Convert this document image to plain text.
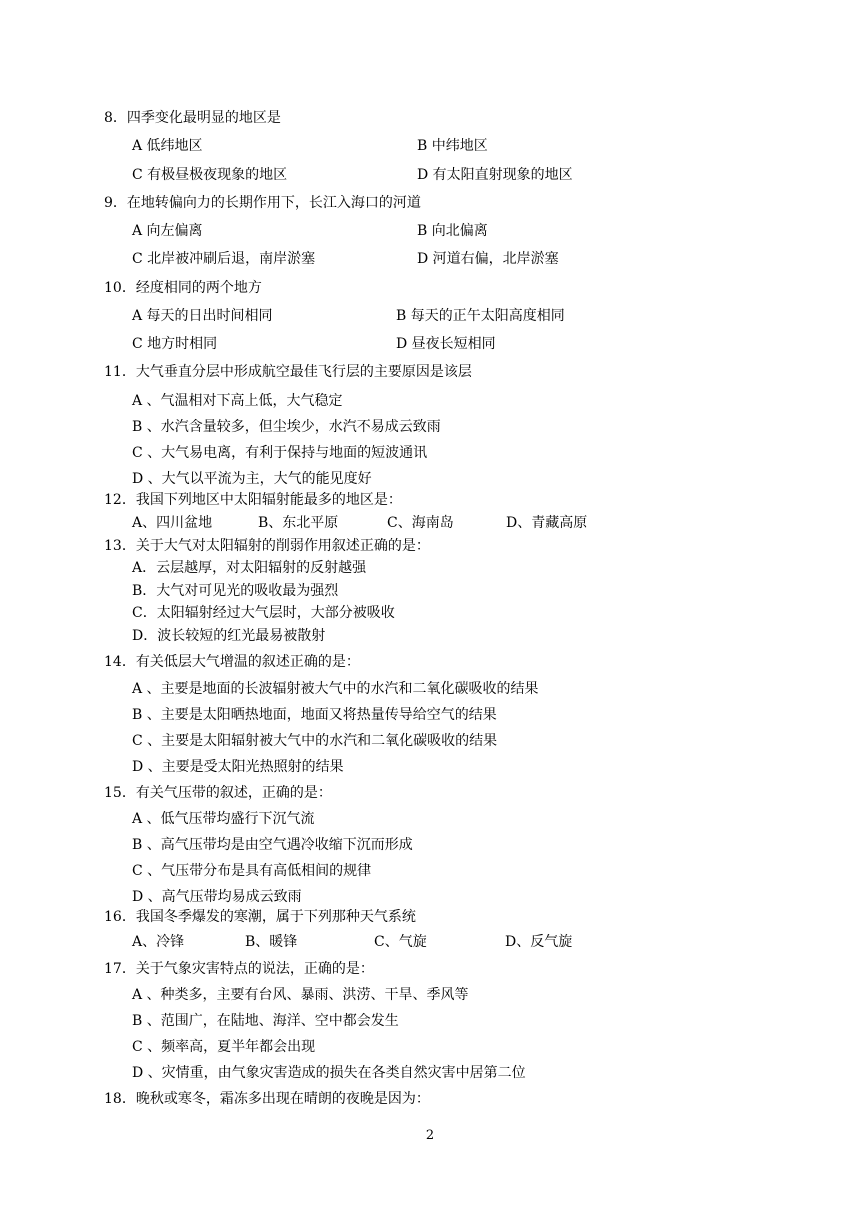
8．四季变化最明显的地区是
A 低纬地区	B 中纬地区
C 有极昼极夜现象的地区	D 有太阳直射现象的地区
9．在地转偏向力的长期作用下，长江入海口的河道
A 向左偏离	B 向北偏离
C 北岸被冲刷后退，南岸淤塞	D 河道右偏，北岸淤塞
10．经度相同的两个地方
A 每天的日出时间相同	B 每天的正午太阳高度相同
C 地方时相同	D 昼夜长短相同
11．大气垂直分层中形成航空最佳飞行层的主要原因是该层
A 、气温相对下高上低，大气稳定
B 、水汽含量较多，但尘埃少，水汽不易成云致雨
C 、大气易电离，有利于保持与地面的短波通讯
D 、大气以平流为主，大气的能见度好
12．我国下列地区中太阳辐射能最多的地区是：
A、四川盆地	B、东北平原	C、海南岛	D、青藏高原
13．关于大气对太阳辐射的削弱作用叙述正确的是：
A．云层越厚，对太阳辐射的反射越强
B．大气对可见光的吸收最为强烈
C．太阳辐射经过大气层时，大部分被吸收
D．波长较短的红光最易被散射
14．有关低层大气增温的叙述正确的是：
A 、主要是地面的长波辐射被大气中的水汽和二氧化碳吸收的结果
B 、主要是太阳晒热地面，地面又将热量传导给空气的结果
C 、主要是太阳辐射被大气中的水汽和二氧化碳吸收的结果
D 、主要是受太阳光热照射的结果
15．有关气压带的叙述，正确的是：
A 、低气压带均盛行下沉气流
B 、高气压带均是由空气遇冷收缩下沉而形成
C 、气压带分布是具有高低相间的规律
D 、高气压带均易成云致雨
16．我国冬季爆发的寒潮，属于下列那种天气系统
A、冷锋	B、暖锋	C、气旋	D、反气旋
17．关于气象灾害特点的说法，正确的是：
A 、种类多，主要有台风、暴雨、洪涝、干旱、季风等
B 、范围广，在陆地、海洋、空中都会发生
C 、频率高，夏半年都会出现
D 、灾情重，由气象灾害造成的损失在各类自然灾害中居第二位
18．晚秋或寒冬，霜冻多出现在晴朗的夜晚是因为：
2
